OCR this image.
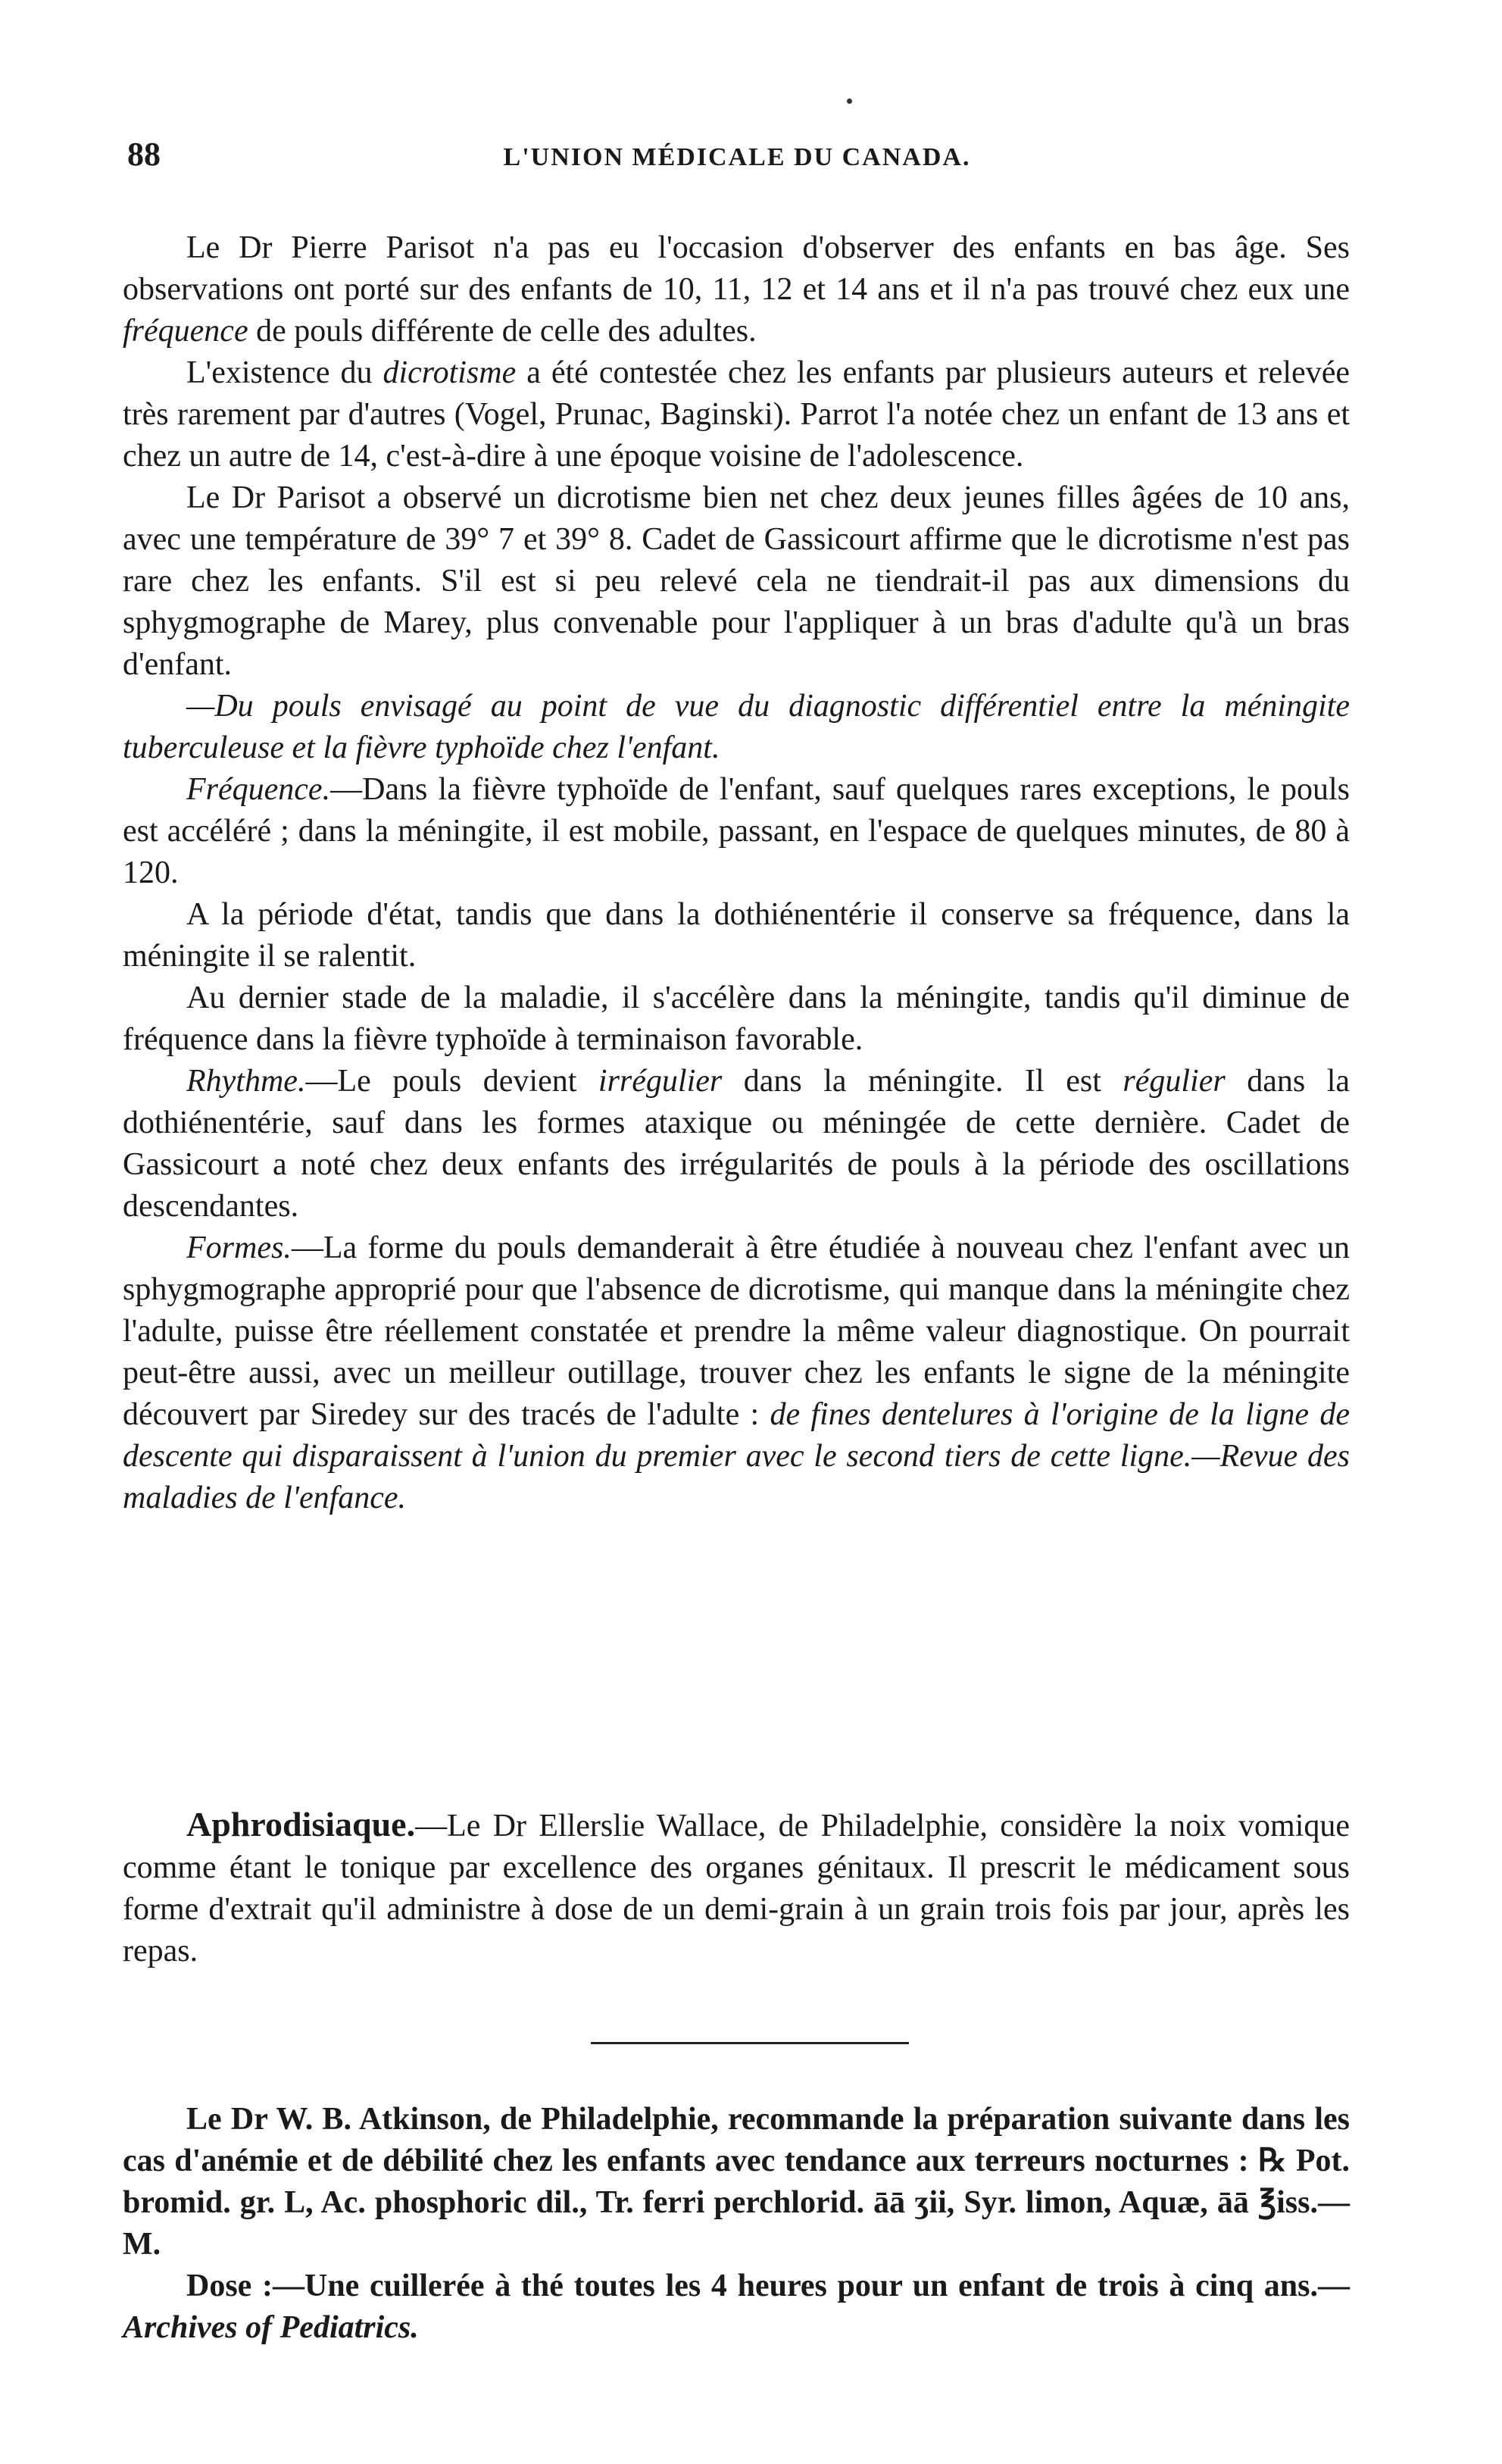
88	L'UNION MÉDICALE DU CANADA.

Le Dr Pierre Parisot n'a pas eu l'occasion d'observer des enfants en bas âge. Ses observations ont porté sur des enfants de 10, 11, 12 et 14 ans et il n'a pas trouvé chez eux une fréquence de pouls différente de celle des adultes.

L'existence du dicrotisme a été contestée chez les enfants par plusieurs auteurs et relevée très rarement par d'autres (Vogel, Prunac, Baginski). Parrot l'a notée chez un enfant de 13 ans et chez un autre de 14, c'est-à-dire à une époque voisine de l'adolescence.

Le Dr Parisot a observé un dicrotisme bien net chez deux jeunes filles âgées de 10 ans, avec une température de 39° 7 et 39° 8. Cadet de Gassicourt affirme que le dicrotisme n'est pas rare chez les enfants. S'il est si peu relevé cela ne tiendrait-il pas aux dimensions du sphygmographe de Marey, plus convenable pour l'appliquer à un bras d'adulte qu'à un bras d'enfant.

—Du pouls envisagé au point de vue du diagnostic différentiel entre la méningite tuberculeuse et la fièvre typhoïde chez l'enfant.

Fréquence.—Dans la fièvre typhoïde de l'enfant, sauf quelques rares exceptions, le pouls est accéléré ; dans la méningite, il est mobile, passant, en l'espace de quelques minutes, de 80 à 120.

A la période d'état, tandis que dans la dothiénentérie il conserve sa fréquence, dans la méningite il se ralentit.

Au dernier stade de la maladie, il s'accélère dans la méningite, tandis qu'il diminue de fréquence dans la fièvre typhoïde à terminaison favorable.

Rhythme.—Le pouls devient irrégulier dans la méningite. Il est régulier dans la dothiénentérie, sauf dans les formes ataxique ou méningée de cette dernière. Cadet de Gassicourt a noté chez deux enfants des irrégularités de pouls à la période des oscillations descendantes.

Formes.—La forme du pouls demanderait à être étudiée à nouveau chez l'enfant avec un sphygmographe approprié pour que l'absence de dicrotisme, qui manque dans la méningite chez l'adulte, puisse être réellement constatée et prendre la même valeur diagnostique. On pourrait peut-être aussi, avec un meilleur outillage, trouver chez les enfants le signe de la méningite découvert par Siredey sur des tracés de l'adulte : de fines dentelures à l'origine de la ligne de descente qui disparaissent à l'union du premier avec le second tiers de cette ligne.—Revue des maladies de l'enfance.

Aphrodisiaque.—Le Dr Ellerslie Wallace, de Philadelphie, considère la noix vomique comme étant le tonique par excellence des organes génitaux. Il prescrit le médicament sous forme d'extrait qu'il administre à dose de un demi-grain à un grain trois fois par jour, après les repas.

Le Dr W. B. Atkinson, de Philadelphie, recommande la préparation suivante dans les cas d'anémie et de débilité chez les enfants avec tendance aux terreurs nocturnes : ℞ Pot. bromid. gr. L, Ac. phosphoric dil., Tr. ferri perchlorid. āā ʒii, Syr. limon, Aquæ, āā ℥iss.—M.

Dose :—Une cuillerée à thé toutes les 4 heures pour un enfant de trois à cinq ans.—Archives of Pediatrics.
